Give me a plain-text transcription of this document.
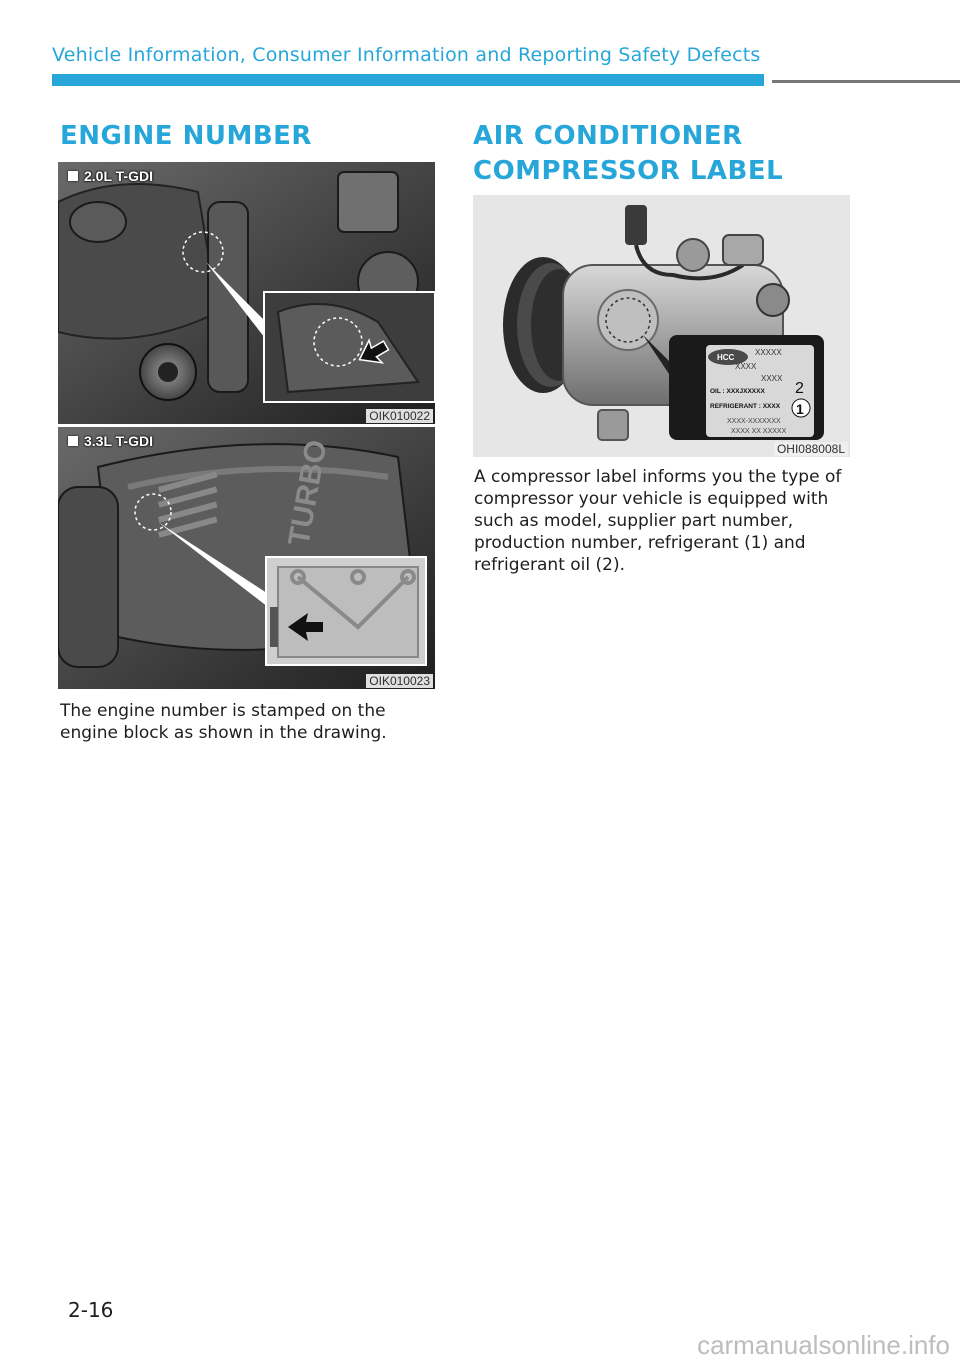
Vehicle Information, Consumer Information and Reporting Safety Defects
ENGINE NUMBER
2.0L T-GDI
OIK010022
TURBO
3.3L T-GDI
OIK010023

The engine number is stamped on the engine block as shown in the drawing.

AIR CONDITIONER
COMPRESSOR LABEL
HCC
XXXXX
XXXX
XXXX
OIL : XXXJXXXXX
REFRIGERANT : XXXX
XXXX-XXXXXXX
XXXX XX XXXXX
2
1
OHI088008L

A compressor label informs you the type of compressor your vehicle is equipped with such as model, supplier part number, production number, refrigerant (1) and refrigerant oil (2).

2-16
carmanualsonline.info
